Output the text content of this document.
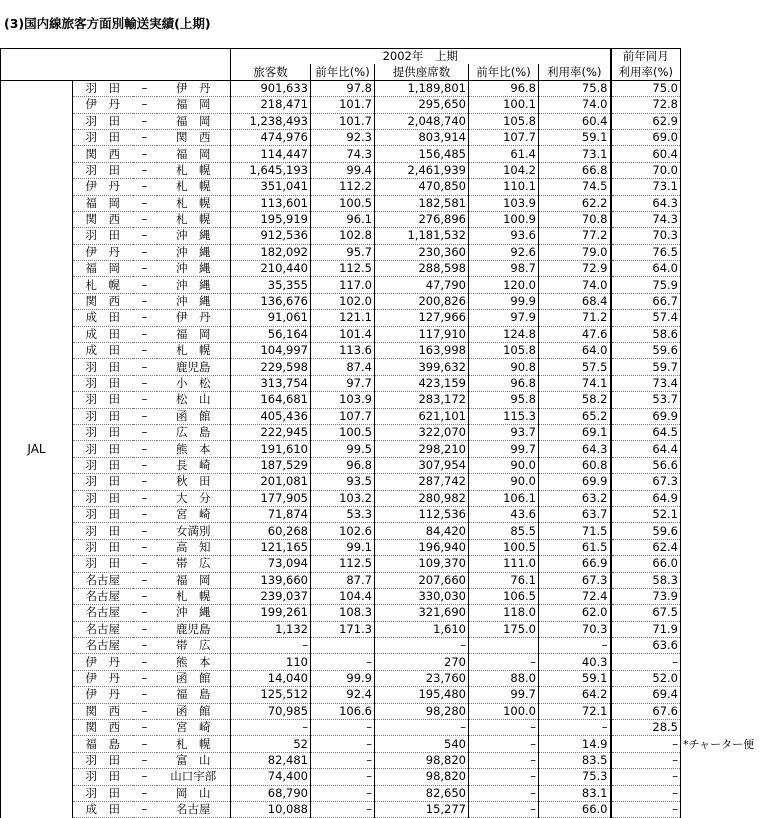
(3)国内線旅客方面別輸送実績(上期)
				2002年　上期					前年同月
				旅客数	前年比(%)	提供座席数	前年比(%)	利用率(%)	利用率(%)
JAL	羽　田	–	伊　丹	901,633	97.8	1,189,801	96.8	75.8	75.0
	伊　丹	–	福　岡	218,471	101.7	295,650	100.1	74.0	72.8
	羽　田	–	福　岡	1,238,493	101.7	2,048,740	105.8	60.4	62.9
	羽　田	–	関　西	474,976	92.3	803,914	107.7	59.1	69.0
	関　西	–	福　岡	114,447	74.3	156,485	61.4	73.1	60.4
	羽　田	–	札　幌	1,645,193	99.4	2,461,939	104.2	66.8	70.0
	伊　丹	–	札　幌	351,041	112.2	470,850	110.1	74.5	73.1
	福　岡	–	札　幌	113,601	100.5	182,581	103.9	62.2	64.3
	関　西	–	札　幌	195,919	96.1	276,896	100.9	70.8	74.3
	羽　田	–	沖　縄	912,536	102.8	1,181,532	93.6	77.2	70.3
	伊　丹	–	沖　縄	182,092	95.7	230,360	92.6	79.0	76.5
	福　岡	–	沖　縄	210,440	112.5	288,598	98.7	72.9	64.0
	札　幌	–	沖　縄	35,355	117.0	47,790	120.0	74.0	75.9
	関　西	–	沖　縄	136,676	102.0	200,826	99.9	68.4	66.7
	成　田	–	伊　丹	91,061	121.1	127,966	97.9	71.2	57.4
	成　田	–	福　岡	56,164	101.4	117,910	124.8	47.6	58.6
	成　田	–	札　幌	104,997	113.6	163,998	105.8	64.0	59.6
	羽　田	–	鹿児島	229,598	87.4	399,632	90.8	57.5	59.7
	羽　田	–	小　松	313,754	97.7	423,159	96.8	74.1	73.4
	羽　田	–	松　山	164,681	103.9	283,172	95.8	58.2	53.7
	羽　田	–	函　館	405,436	107.7	621,101	115.3	65.2	69.9
	羽　田	–	広　島	222,945	100.5	322,070	93.7	69.1	64.5
	羽　田	–	熊　本	191,610	99.5	298,210	99.7	64.3	64.4
	羽　田	–	長　崎	187,529	96.8	307,954	90.0	60.8	56.6
	羽　田	–	秋　田	201,081	93.5	287,742	90.0	69.9	67.3
	羽　田	–	大　分	177,905	103.2	280,982	106.1	63.2	64.9
	羽　田	–	宮　崎	71,874	53.3	112,536	43.6	63.7	52.1
	羽　田	–	女満別	60,268	102.6	84,420	85.5	71.5	59.6
	羽　田	–	高　知	121,165	99.1	196,940	100.5	61.5	62.4
	羽　田	–	帯　広	73,094	112.5	109,370	111.0	66.9	66.0
	名古屋	–	福　岡	139,660	87.7	207,660	76.1	67.3	58.3
	名古屋	–	札　幌	239,037	104.4	330,030	106.5	72.4	73.9
	名古屋	–	沖　縄	199,261	108.3	321,690	118.0	62.0	67.5
	名古屋	–	鹿児島	1,132	171.3	1,610	175.0	70.3	71.9
	名古屋	–	帯　広	–		–		–	63.6
	伊　丹	–	熊　本	110	–	270	–	40.3	–
	伊　丹	–	函　館	14,040	99.9	23,760	88.0	59.1	52.0
	伊　丹	–	福　島	125,512	92.4	195,480	99.7	64.2	69.4
	関　西	–	函　館	70,985	106.6	98,280	100.0	72.1	67.6
	関　西	–	宮　崎	–	–	–	–	–	28.5
	福　島	–	札　幌	52	–	540	–	14.9	–
	羽　田	–	富　山	82,481	–	98,820	–	83.5	–
	羽　田	–	山口宇部	74,400	–	98,820	–	75.3	–
	羽　田	–	岡　山	68,790	–	82,650	–	83.1	–
	成　田	–	名古屋	10,088	–	15,277	–	66.0	–
*チャーター便
